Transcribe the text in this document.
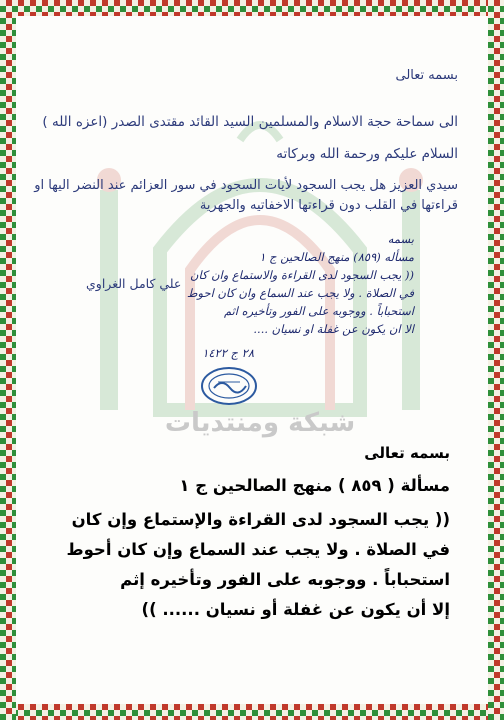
شبكة ومنتديات
بسمه تعالى
الى سماحة حجة الاسلام والمسلمين السيد القائد مقتدى الصدر (اعزه الله )
السلام عليكم ورحمة الله وبركاته
سيدي العزيز هل يجب السجود لأيات السجود في سور العزائم عند النضر اليها او
قراءتها في القلب دون قراءتها الاخفاتيه والجهرية
علي كامل الغراوي
بسمه
مسأله (٨٥٩) منهج الصالحين ج ١
(( يجب السجود لدى القراءة والاستماع وان كان
في الصلاة . ولا يجب عند السماع وان كان احوط
استحباباً . ووجوبه على الفور وتأخيره اثم
الا ان يكون عن غفلة او نسيان ....
٢٨ ج ١٤٢٢
بسمه تعالى
مسألة ( ٨٥٩ ) منهج الصالحين ج ١
(( يجب السجود لدى القراءة والإستماع وإن كان
في الصلاة . ولا يجب عند السماع وإن كان أحوط
استحباباً . ووجوبه على الفور وتأخيره إثم
إلا أن يكون عن غفلة أو نسيان ...... ))
